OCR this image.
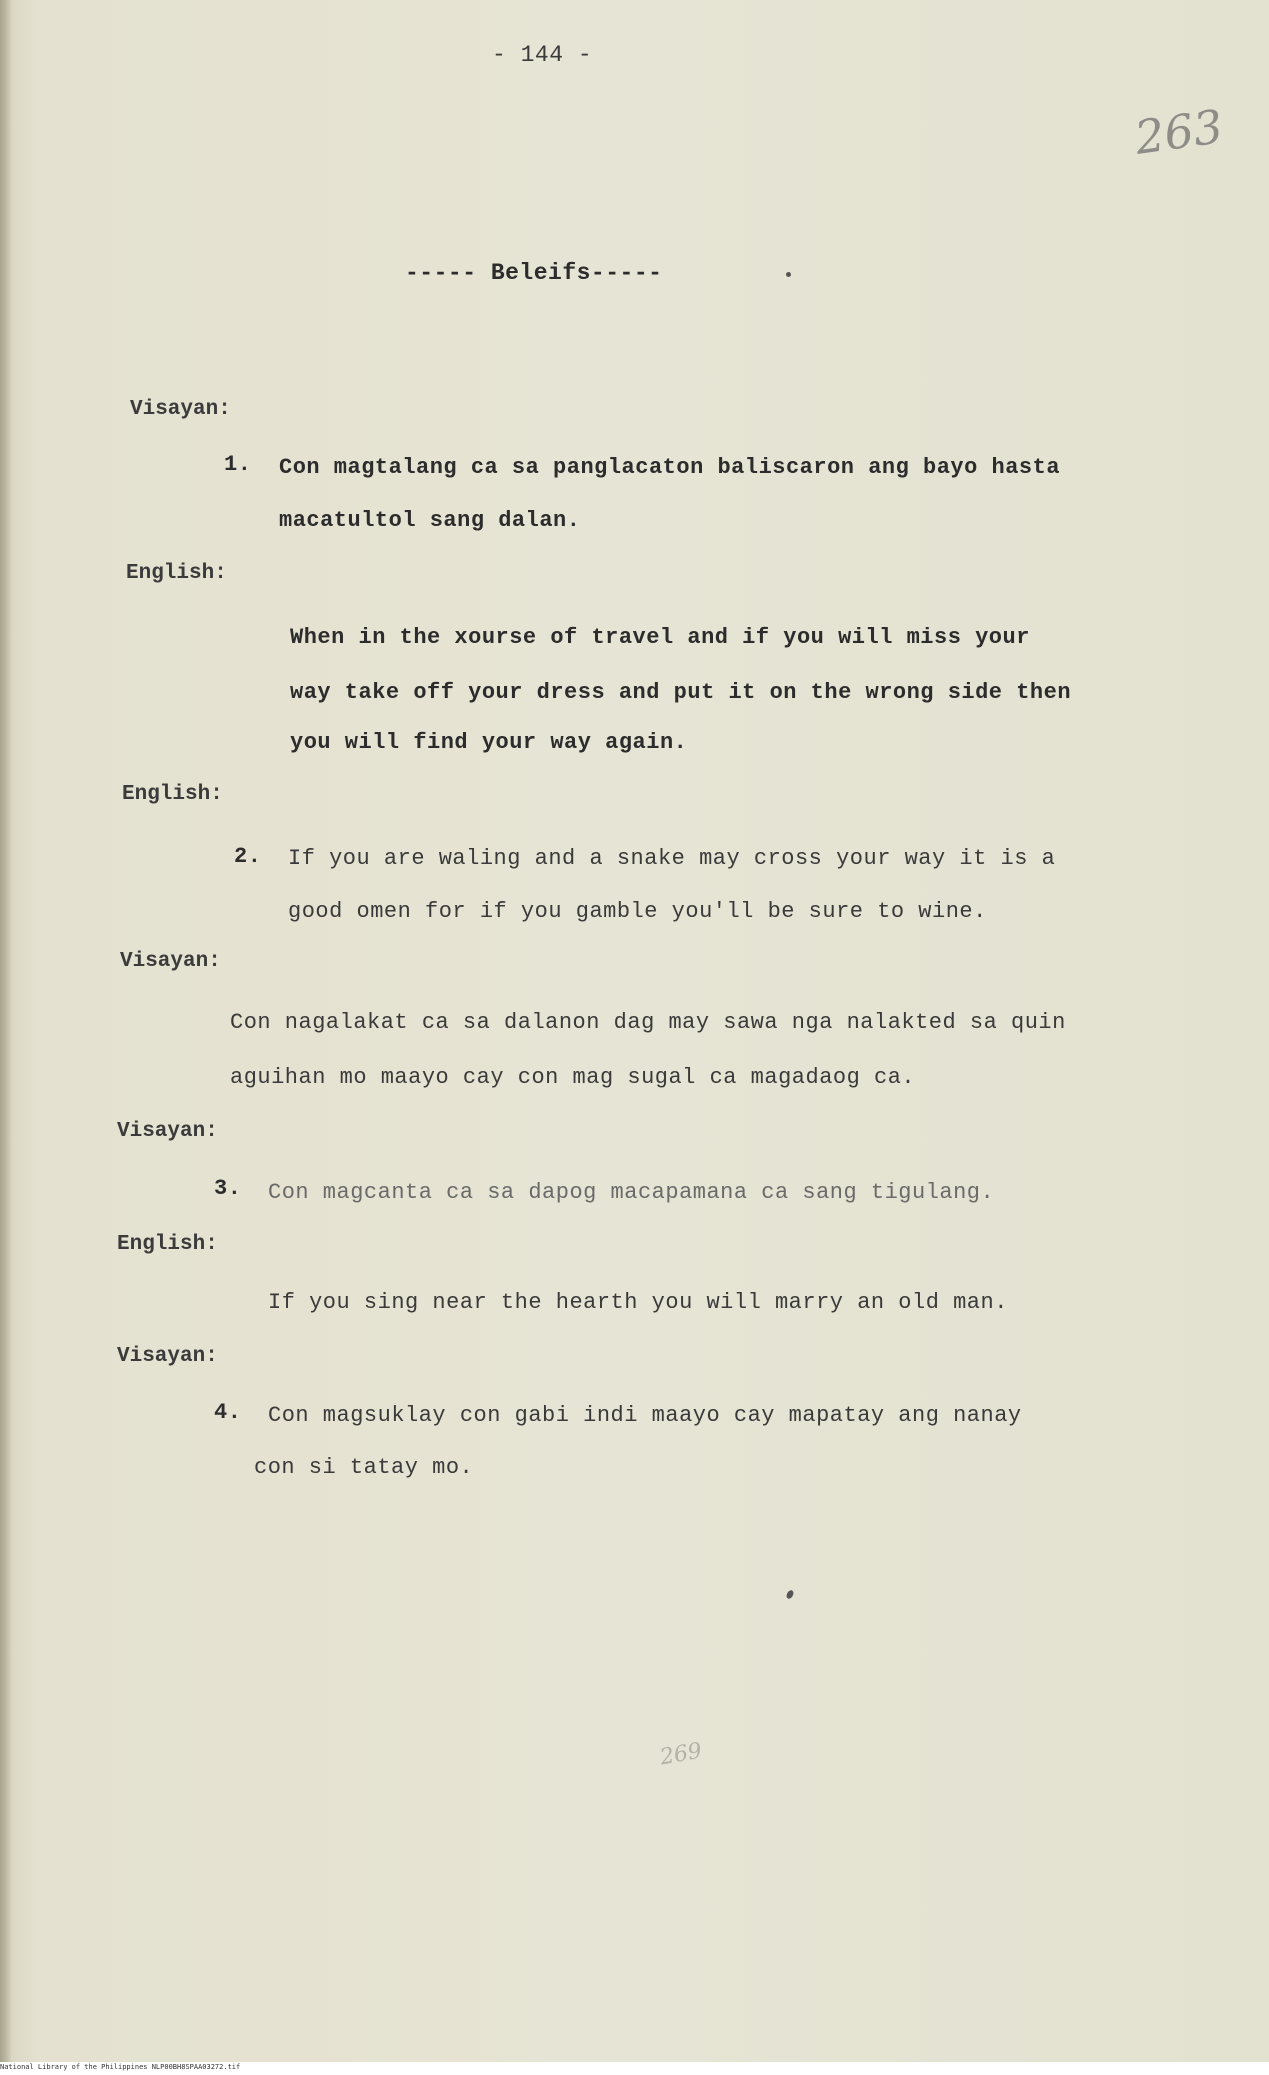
- 144 -
263
----- Beleifs-----
Visayan:
1. Con magtalang ca sa panglacaton baliscaron ang bayo hasta
macatultol sang dalan.
English:
When in the xourse of travel and if you will miss your
way take off your dress and put it on the wrong side then
you will find your way again.
English:
2. If you are waling and a snake may cross your way it is a
good omen for if you gamble you'll be sure to wine.
Visayan:
Con nagalakat ca sa dalanon dag may sawa nga nalakted sa quin
aguihan mo maayo cay con mag sugal ca magadaog ca.
Visayan:
3. Con magcanta ca sa dapog macapamana ca sang tigulang.
English:
If you sing near the hearth you will marry an old man.
Visayan:
4. Con magsuklay con gabi indi maayo cay mapatay ang nanay
con si tatay mo.
269
National Library of the Philippines NLP00BH8SPAA03272.tif
